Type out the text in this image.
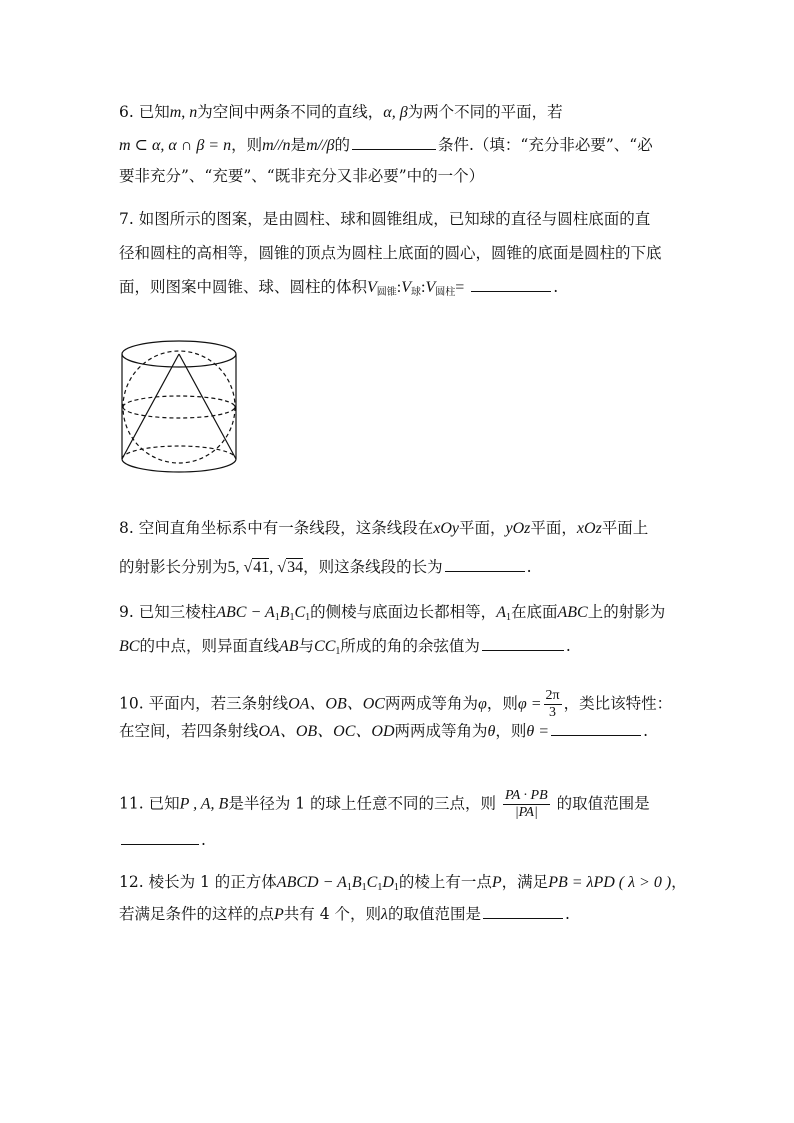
6. 已知m, n为空间中两条不同的直线，α, β为两个不同的平面，若
m ⊂ α, α ∩ β = n，则m//n是m//β的	条件.（填：“充分非必要”、“必
要非充分”、“充要”、“既非充分又非必要”中的一个）
7. 如图所示的图案，是由圆柱、球和圆锥组成，已知球的直径与圆柱底面的直
径和圆柱的高相等，圆锥的顶点为圆柱上底面的圆心，圆锥的底面是圆柱的下底
面，则图案中圆锥、球、圆柱的体积$V_{圆锥}:V_球:V_{圆柱}=$	.
8. 空间直角坐标系中有一条线段，这条线段在xOy平面，yOz平面，xOz平面上
的射影长分别为5, √41, √34，则这条线段的长为	.
9. 已知三棱柱ABC − A1B1C1的侧棱与底面边长都相等，A1在底面ABC上的射影为
BC的中点，则异面直线AB与CC1所成的角的余弦值为	.
10. 平面内，若三条射线OA、OB、OC两两成等角为φ，则$\varphi = \frac{2\pi}{3}$ ，类比该特性：
在空间，若四条射线OA、OB、OC、OD两两成等角为θ，则θ =	.
11. 已知P , A, B是半径为 1 的球上任意不同的三点，则 $\frac{PA \cdot PB}{|PA|}$ 的取值范围是
.
12. 棱长为 1 的正方体ABCD − A1B1C1D1的棱上有一点P，满足PB = λPD ( λ > 0 )，
若满足条件的这样的点P共有 4 个，则λ的取值范围是	.
